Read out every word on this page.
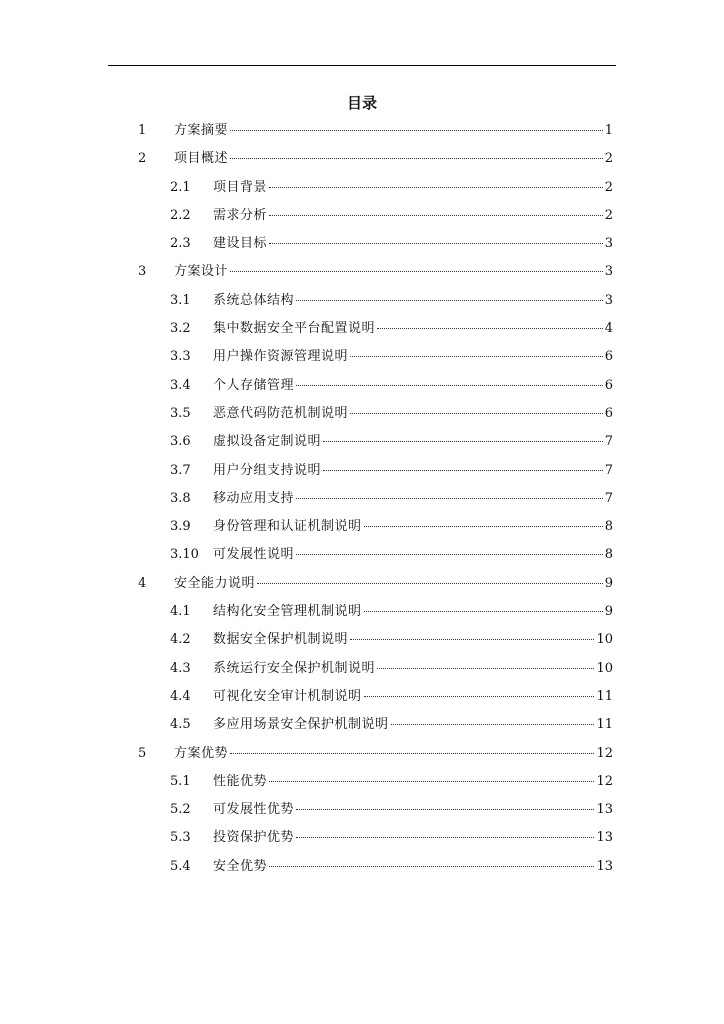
目录
1 方案摘要	1
2 项目概述	2
2.1 项目背景	2
2.2 需求分析	2
2.3 建设目标	3
3 方案设计	3
3.1 系统总体结构	3
3.2 集中数据安全平台配置说明	4
3.3 用户操作资源管理说明	6
3.4 个人存储管理	6
3.5 恶意代码防范机制说明	6
3.6 虚拟设备定制说明	7
3.7 用户分组支持说明	7
3.8 移动应用支持	7
3.9 身份管理和认证机制说明	8
3.10 可发展性说明	8
4 安全能力说明	9
4.1 结构化安全管理机制说明	9
4.2 数据安全保护机制说明	10
4.3 系统运行安全保护机制说明	10
4.4 可视化安全审计机制说明	11
4.5 多应用场景安全保护机制说明	11
5 方案优势	12
5.1 性能优势	12
5.2 可发展性优势	13
5.3 投资保护优势	13
5.4 安全优势	13
